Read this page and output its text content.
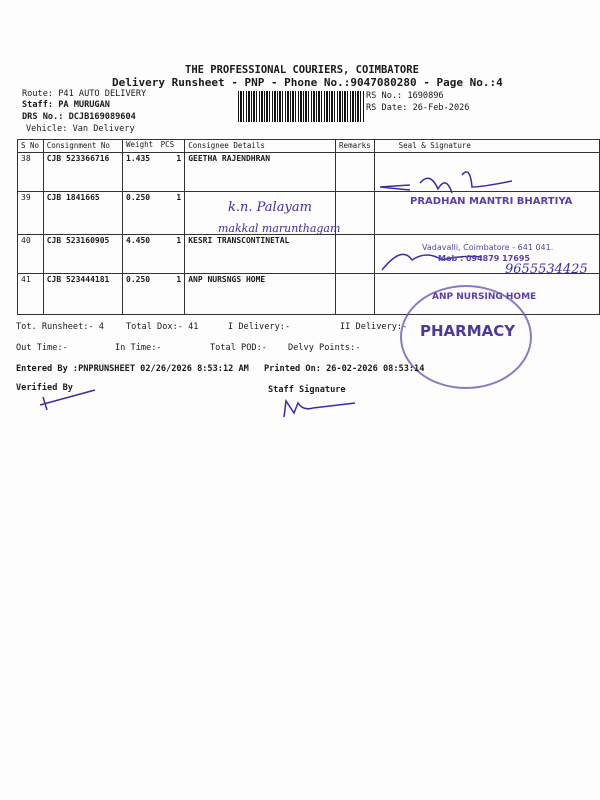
THE PROFESSIONAL COURIERS, COIMBATORE
Delivery Runsheet - PNP - Phone No.:9047080280 - Page No.:4
Route: P41 AUTO DELIVERY
Staff: PA MURUGAN
DRS No.: DCJB169089604
Vehicle: Van Delivery
RS No.: 1690896
RS Date: 26-Feb-2026
S No	Consignment No	Weight PCS	Consignee Details	Remarks	Seal & Signature
38	CJB 523366716	1.435 1	GEETHA RAJENDHRAN		
39	CJB 1841665	0.250 1			

40	CJB 523160905	4.450 1	KESRI TRANSCONTINETAL		
41	CJB 523444181	0.250 1	ANP NURSNGS HOME		
k.n. Palayam
makkal marunthagam
9655534425
PRADHAN MANTRI BHARTIYA
Vadavalli, Coimbatore - 641 041.
Mob : 094879 17695
ANP NURSING HOME
PHARMACY
Tot. Runsheet:- 4	Total Dox:- 41	I Delivery:-	II Delivery:-
Out Time:-	In Time:-	Total POD:- Delvy Points:-
Entered By :PNPRUNSHEET 02/26/2026 8:53:12 AM Printed On: 26-02-2026 08:53:14
Verified By	Staff Signature
